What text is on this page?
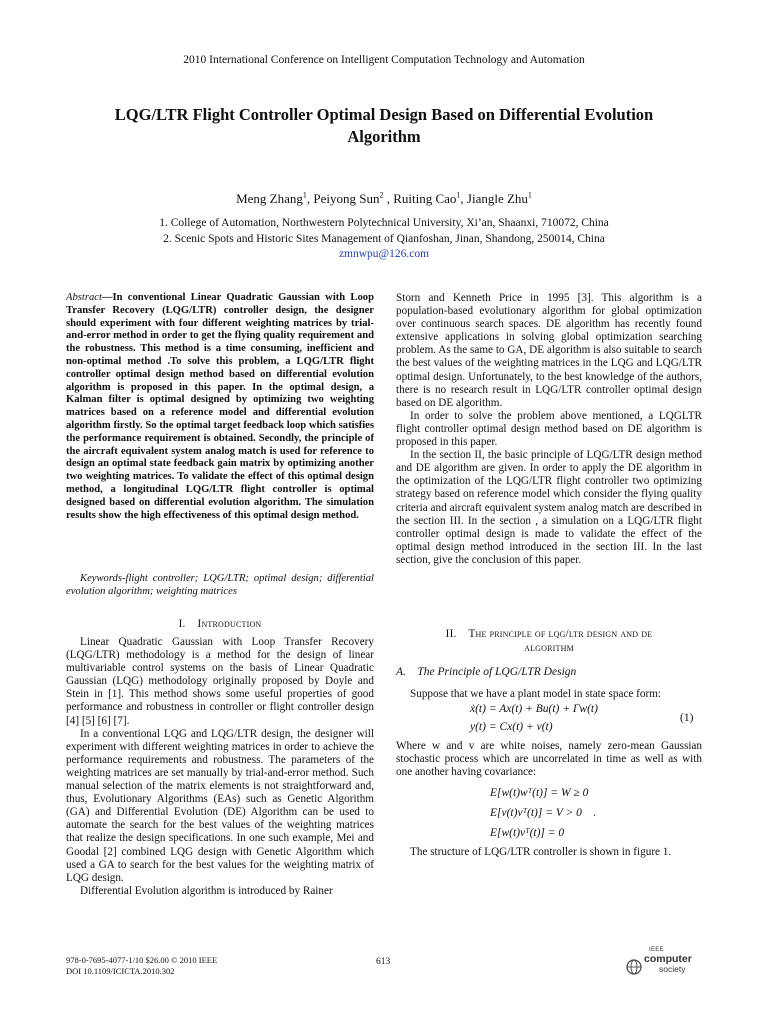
2010 International Conference on Intelligent Computation Technology and Automation
LQG/LTR Flight Controller Optimal Design Based on Differential Evolution
Algorithm
Meng Zhang$^1$, Peiyong Sun$^2$ , Ruiting Cao$^1$, Jiangle Zhu$^1$
1. College of Automation, Northwestern Polytechnical University, Xi’an, Shaanxi, 710072, China
2. Scenic Spots and Historic Sites Management of Qianfoshan, Jinan, Shandong, 250014, China
zmnwpu@126.com

Abstract—In conventional Linear Quadratic Gaussian with Loop Transfer Recovery (LQG/LTR) controller design, the designer should experiment with four different weighting matrices by trial-and-error method in order to get the flying quality requirement and the robustness. This method is a time consuming, inefficient and non-optimal method .To solve this problem, a LQG/LTR flight controller optimal design method based on differential evolution algorithm is proposed in this paper. In the optimal design, a Kalman filter is optimal designed by optimizing two weighting matrices based on a reference model and differential evolution algorithm firstly. So the optimal target feedback loop which satisfies the performance requirement is obtained. Secondly, the principle of the aircraft equivalent system analog match is used for reference to design an optimal state feedback gain matrix by optimizing another two weighting matrices. To validate the effect of this optimal design method, a longitudinal LQG/LTR flight controller is optimal designed based on differential evolution algorithm. The simulation results show the high effectiveness of this optimal design method.

Keywords-flight controller; LQG/LTR; optimal design; differential evolution algorithm; weighting matrices
I. Introduction

Linear Quadratic Gaussian with Loop Transfer Recovery (LQG/LTR) methodology is a method for the design of linear multivariable control systems on the basis of Linear Quadratic Gaussian (LQG) methodology originally proposed by Doyle and Stein in [1]. This method shows some useful properties of good performance and robustness in controller or flight controller design [4] [5] [6] [7].

In a conventional LQG and LQG/LTR design, the designer will experiment with different weighting matrices in order to achieve the performance requirements and robustness. The parameters of the weighting matrices are set manually by trial-and-error method. Such manual selection of the matrix elements is not straightforward and, thus, Evolutionary Algorithms (EAs) such as Genetic Algorithm (GA) and Differential Evolution (DE) Algorithm can be used to automate the search for the best values of the weighting matrices that realize the design specifications. In one such example, Mei and Goodal [2] combined LQG design with Genetic Algorithm which used a GA to search for the best values for the weighting matrix of LQG design.

Differential Evolution algorithm is introduced by Rainer

Storn and Kenneth Price in 1995 [3]. This algorithm is a population-based evolutionary algorithm for global optimization over continuous search spaces. DE algorithm has recently found extensive applications in solving global optimization searching problem. As the same to GA, DE algorithm is also suitable to search the best values of the weighting matrices in the LQG and LQG/LTR optimal design. Unfortunately, to the best knowledge of the authors, there is no research result in LQG/LTR controller optimal design based on DE algorithm.

In order to solve the problem above mentioned, a LQGLTR flight controller optimal design method based on DE algorithm is proposed in this paper.

In the section II, the basic principle of LQG/LTR design method and DE algorithm are given. In order to apply the DE algorithm in the optimization of the LQG/LTR flight controller two optimizing strategy based on reference model which consider the flying quality criteria and aircraft equivalent system analog match are described in the section III. In the section , a simulation on a LQG/LTR flight controller optimal design is made to validate the effect of the optimal design method introduced in the section III. In the last section, give the conclusion of this paper.

II. The principle of lqg/ltr design and de
algorithm
A. The Principle of LQG/LTR Design

Suppose that we have a plant model in state space form:

ẋ(t) = Ax(t) + Bu(t) + Γw(t)
y(t) = Cx(t) + v(t)
(1)

Where w and v are white noises, namely zero-mean Gaussian stochastic process which are uncorrelated in time as well as with one another having covariance:

E[w(t)wᵀ(t)] = W ≥ 0
E[v(t)vᵀ(t)] = V > 0 .
E[w(t)vᵀ(t)] = 0

The structure of LQG/LTR controller is shown in figure 1.

978-0-7695-4077-1/10 $26.00 © 2010 IEEE
DOI 10.1109/ICICTA.2010.302
613
IEEE
computer
society
